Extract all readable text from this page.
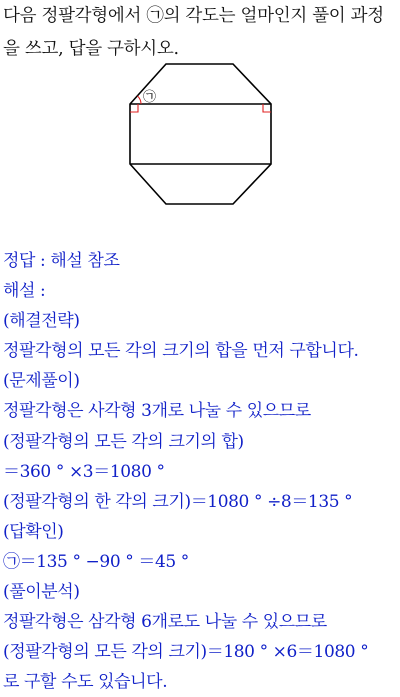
다음 정팔각형에서 ㉠의 각도는 얼마인지 풀이 과정
을 쓰고, 답을 구하시오.
㉠
정답 : 해설 참조
해설 :
(해결전략)
정팔각형의 모든 각의 크기의 합을 먼저 구합니다.
(문제풀이)
정팔각형은 사각형 3개로 나눌 수 있으므로
(정팔각형의 모든 각의 크기의 합)
＝360 ° ×3＝1080 °
(정팔각형의 한 각의 크기)＝1080 ° ÷8＝135 °
(답확인)
㉠＝135 ° −90 ° ＝45 °
(풀이분석)
정팔각형은 삼각형 6개로도 나눌 수 있으므로
(정팔각형의 모든 각의 크기)＝180 ° ×6＝1080 °
로 구할 수도 있습니다.
